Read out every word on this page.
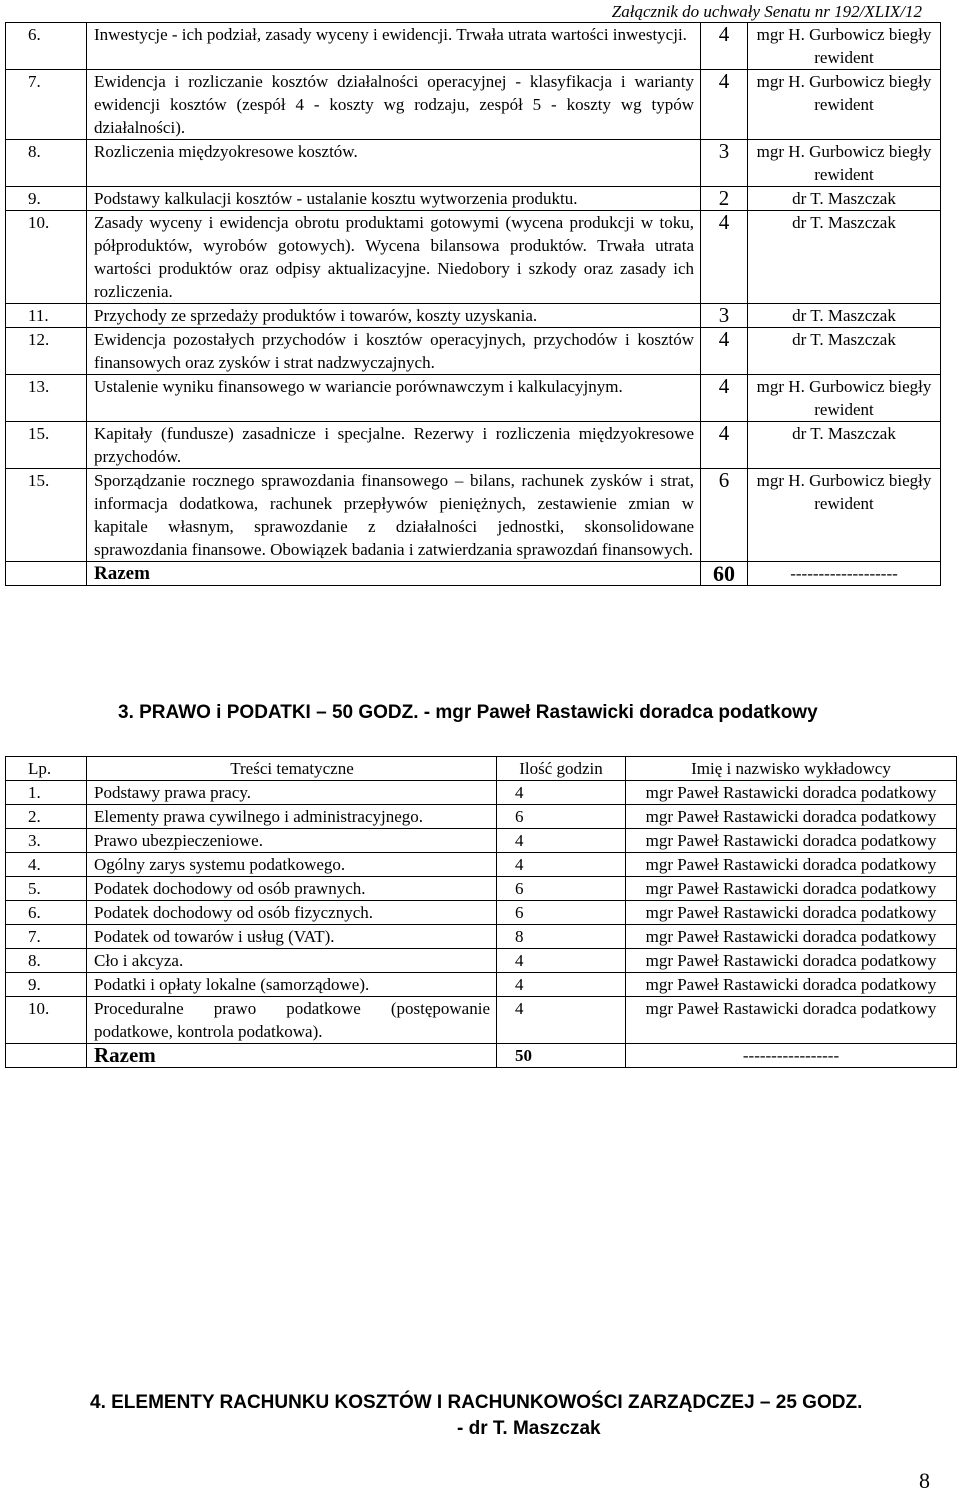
Załącznik do uchwały Senatu nr 192/XLIX/12
6.	Inwestycje - ich podział, zasady wyceny i ewidencji. Trwała utrata wartości inwestycji.	4	mgr H. Gurbowicz biegły rewident
7.	Ewidencja i rozliczanie kosztów działalności operacyjnej - klasyfikacja i warianty ewidencji kosztów (zespół 4 - koszty wg rodzaju, zespół 5 - koszty wg typów działalności).	4	mgr H. Gurbowicz biegły rewident
8.	Rozliczenia międzyokresowe kosztów.	3	mgr H. Gurbowicz biegły rewident
9.	Podstawy kalkulacji kosztów - ustalanie kosztu wytworzenia produktu.	2	dr T. Maszczak
10.	Zasady wyceny i ewidencja obrotu produktami gotowymi (wycena produkcji w toku, półproduktów, wyrobów gotowych). Wycena bilansowa produktów. Trwała utrata wartości produktów oraz odpisy aktualizacyjne. Niedobory i szkody oraz zasady ich rozliczenia.	4	dr T. Maszczak
11.	Przychody ze sprzedaży produktów i towarów, koszty uzyskania.	3	dr T. Maszczak
12.	Ewidencja pozostałych przychodów i kosztów operacyjnych, przychodów i kosztów finansowych oraz zysków i strat nadzwyczajnych.	4	dr T. Maszczak
13.	Ustalenie wyniku finansowego w wariancie porównawczym i kalkulacyjnym.	4	mgr H. Gurbowicz biegły rewident
15.	Kapitały (fundusze) zasadnicze i specjalne. Rezerwy i rozliczenia międzyokresowe przychodów.	4	dr T. Maszczak
15.	Sporządzanie rocznego sprawozdania finansowego – bilans, rachunek zysków i strat, informacja dodatkowa, rachunek przepływów pieniężnych, zestawienie zmian w kapitale własnym, sprawozdanie z działalności jednostki, skonsolidowane sprawozdania finansowe. Obowiązek badania i zatwierdzania sprawozdań finansowych.	6	mgr H. Gurbowicz biegły rewident
	Razem	60	-------------------
3. PRAWO i PODATKI – 50 GODZ. - mgr Paweł Rastawicki doradca podatkowy
Lp.	Treści tematyczne	Ilość godzin	Imię i nazwisko wykładowcy
1.	Podstawy prawa pracy.	4	mgr Paweł Rastawicki doradca podatkowy
2.	Elementy prawa cywilnego i administracyjnego.	6	mgr Paweł Rastawicki doradca podatkowy
3.	Prawo ubezpieczeniowe.	4	mgr Paweł Rastawicki doradca podatkowy
4.	Ogólny zarys systemu podatkowego.	4	mgr Paweł Rastawicki doradca podatkowy
5.	Podatek dochodowy od osób prawnych.	6	mgr Paweł Rastawicki doradca podatkowy
6.	Podatek dochodowy od osób fizycznych.	6	mgr Paweł Rastawicki doradca podatkowy
7.	Podatek od towarów i usług (VAT).	8	mgr Paweł Rastawicki doradca podatkowy
8.	Cło i akcyza.	4	mgr Paweł Rastawicki doradca podatkowy
9.	Podatki i opłaty lokalne (samorządowe).	4	mgr Paweł Rastawicki doradca podatkowy
10.	Proceduralne prawo podatkowe (postępowanie podatkowe, kontrola podatkowa).	4	mgr Paweł Rastawicki doradca podatkowy
	Razem	50	-----------------
4. ELEMENTY RACHUNKU KOSZTÓW I RACHUNKOWOŚCI ZARZĄDCZEJ – 25 GODZ.
- dr T. Maszczak
8
